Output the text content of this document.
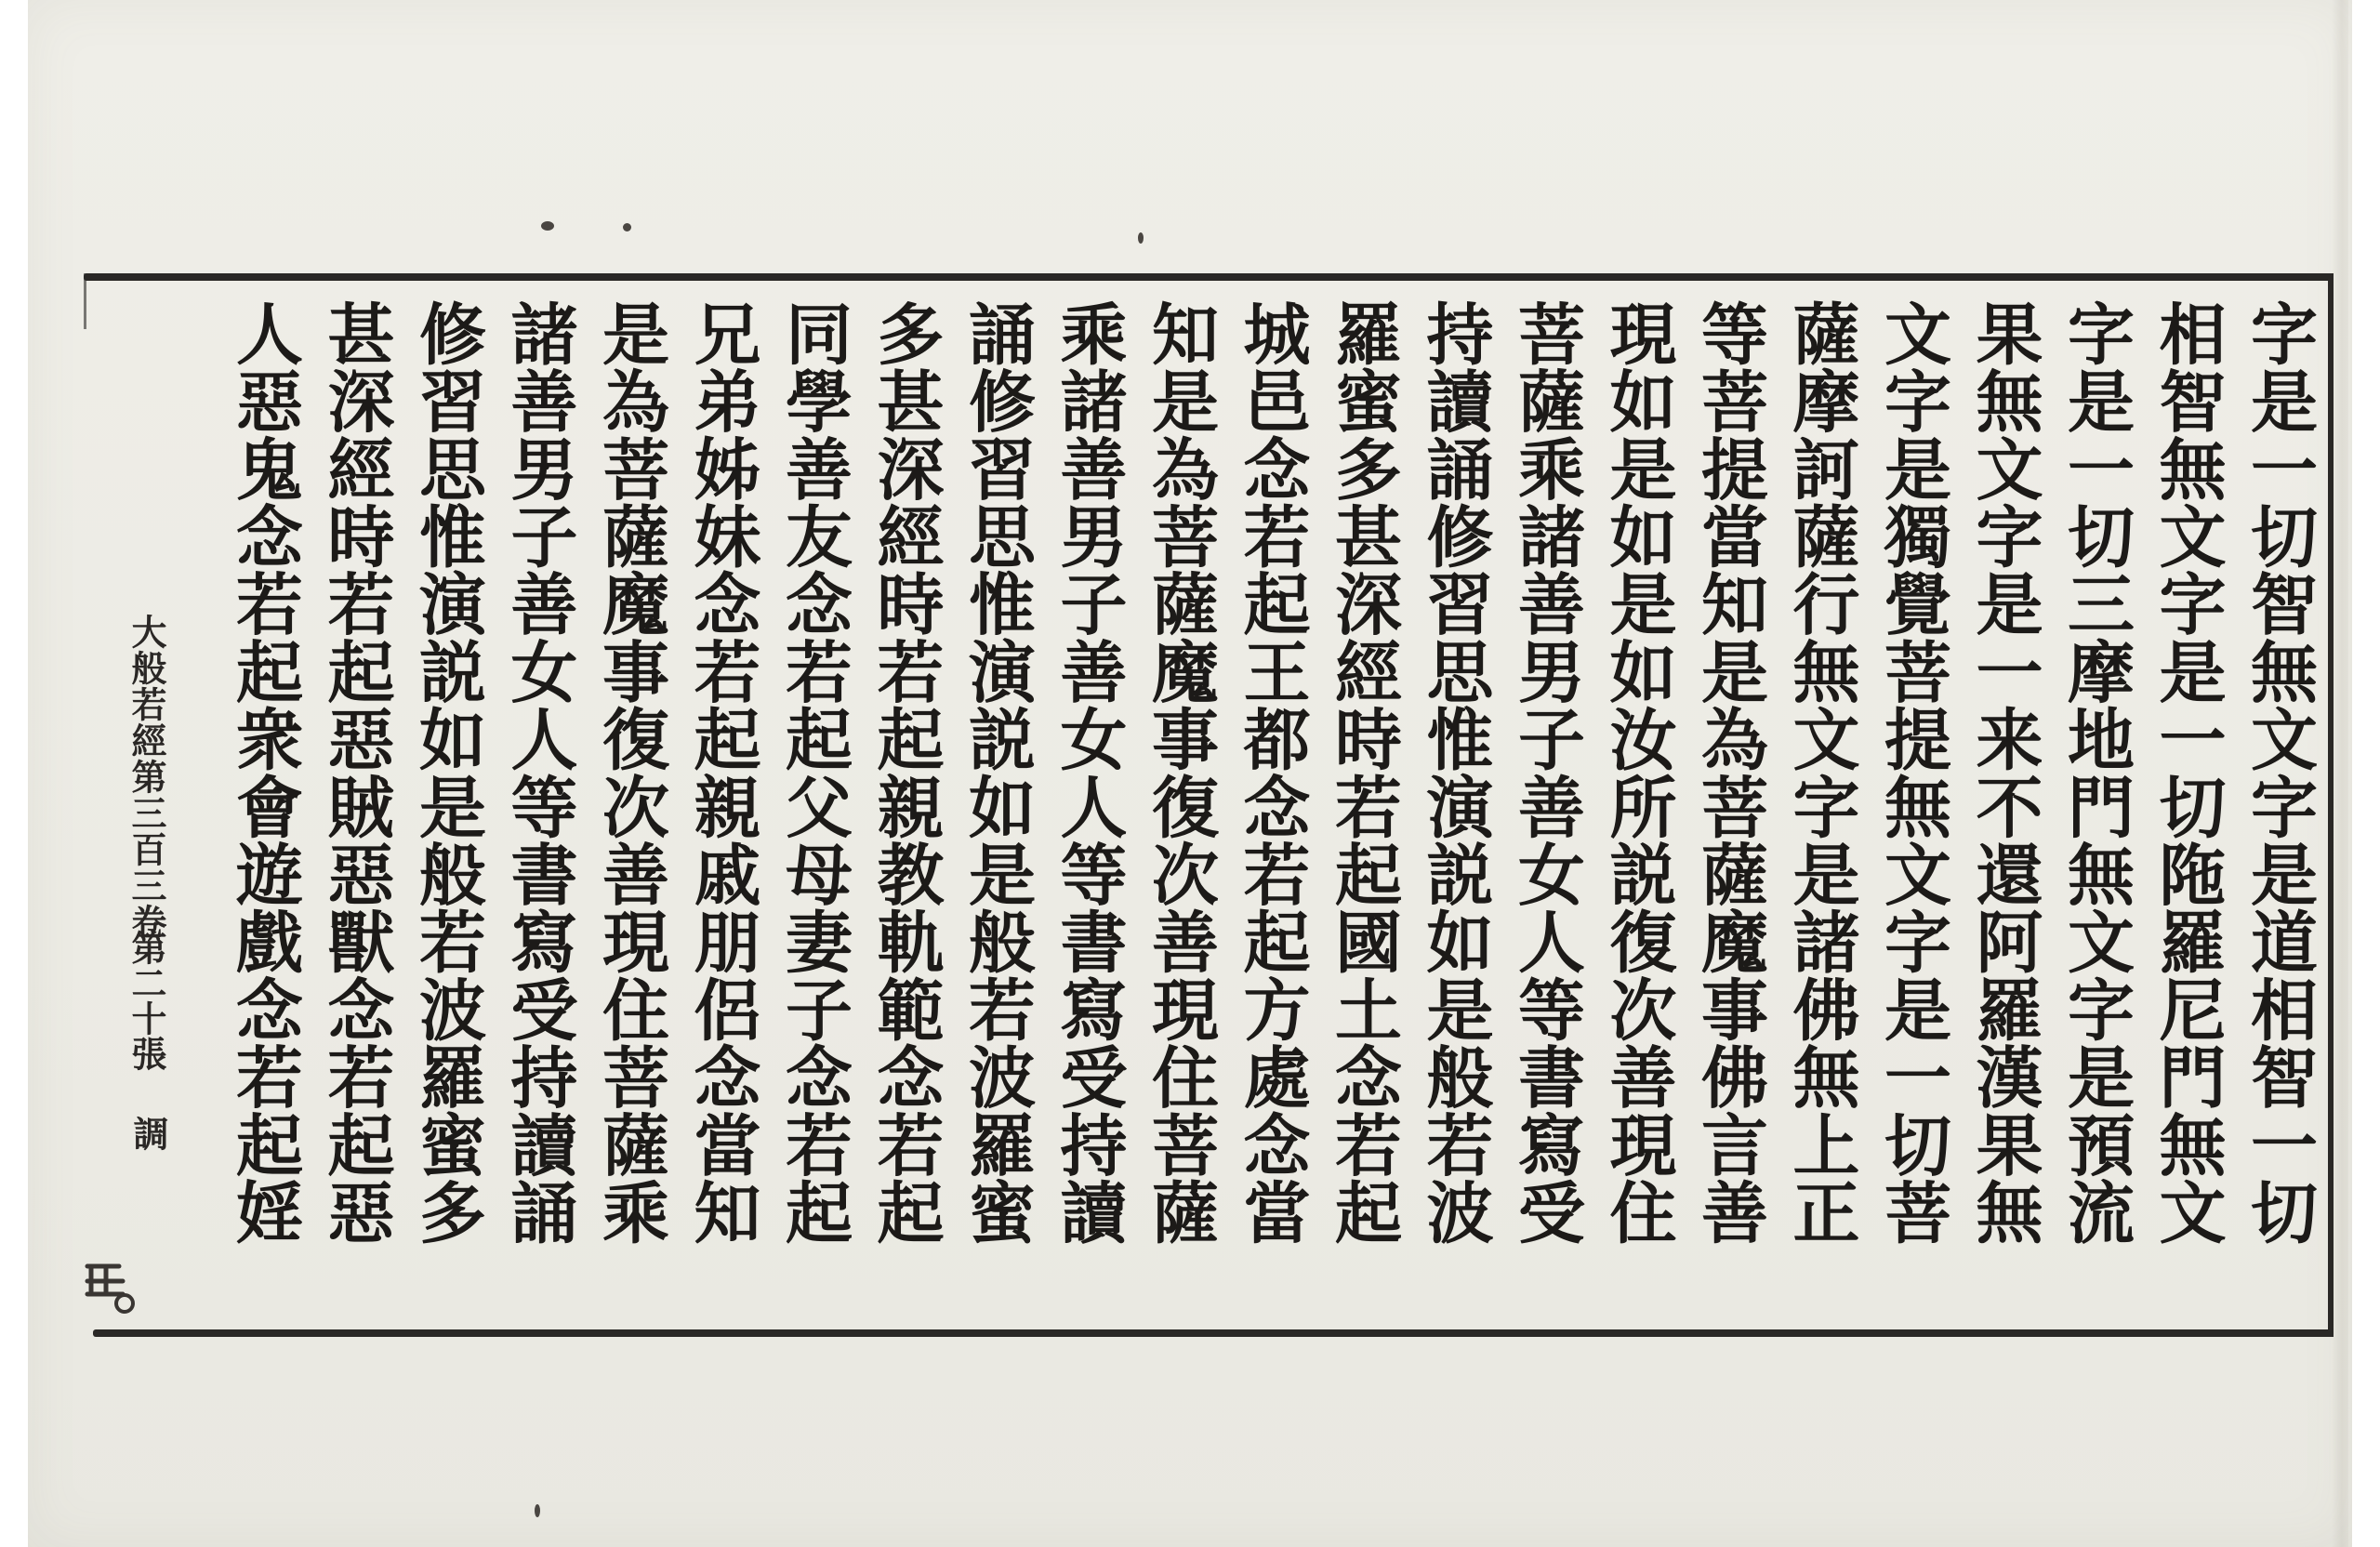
字是一切智無文字是道相智一切
相智無文字是一切陁羅尼門無文
字是一切三摩地門無文字是預流
果無文字是一来不還阿羅漢果無
文字是獨覺菩提無文字是一切菩
薩摩訶薩行無文字是諸佛無上正
等菩提當知是為菩薩魔事佛言善
現如是如是如汝所説復次善現住
菩薩乘諸善男子善女人等書寫受
持讀誦修習思惟演説如是般若波
羅蜜多甚深經時若起國土念若起
城邑念若起王都念若起方處念當
知是為菩薩魔事復次善現住菩薩
乘諸善男子善女人等書寫受持讀
誦修習思惟演説如是般若波羅蜜
多甚深經時若起親教軌範念若起
同學善友念若起父母妻子念若起
兄弟姊妹念若起親戚朋侶念當知
是為菩薩魔事復次善現住菩薩乘
諸善男子善女人等書寫受持讀誦
修習思惟演説如是般若波羅蜜多
甚深經時若起惡賊惡獸念若起惡
人惡鬼念若起衆會遊戲念若起婬
大般若經第三百三卷
第二十張
調
